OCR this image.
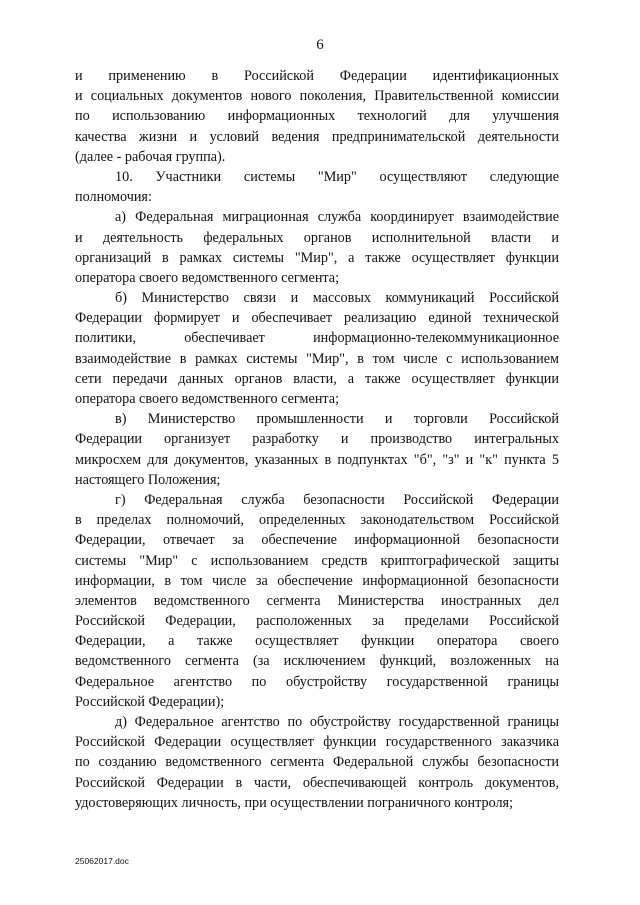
6
и применению в Российской Федерации идентификационных
и социальных документов нового поколения, Правительственной комиссии
по использованию информационных технологий для улучшения
качества жизни и условий ведения предпринимательской деятельности
(далее - рабочая группа).
10. Участники системы "Мир" осуществляют следующие
полномочия:
а) Федеральная миграционная служба координирует взаимодействие
и деятельность федеральных органов исполнительной власти и
организаций в рамках системы "Мир", а также осуществляет функции
оператора своего ведомственного сегмента;
б) Министерство связи и массовых коммуникаций Российской
Федерации формирует и обеспечивает реализацию единой технической
политики, обеспечивает информационно-телекоммуникационное
взаимодействие в рамках системы "Мир", в том числе с использованием
сети передачи данных органов власти, а также осуществляет функции
оператора своего ведомственного сегмента;
в) Министерство промышленности и торговли Российской
Федерации организует разработку и производство интегральных
микросхем для документов, указанных в подпунктах "б", "з" и "к" пункта 5
настоящего Положения;
г) Федеральная служба безопасности Российской Федерации
в пределах полномочий, определенных законодательством Российской
Федерации, отвечает за обеспечение информационной безопасности
системы "Мир" с использованием средств криптографической защиты
информации, в том числе за обеспечение информационной безопасности
элементов ведомственного сегмента Министерства иностранных дел
Российской Федерации, расположенных за пределами Российской
Федерации, а также осуществляет функции оператора своего
ведомственного сегмента (за исключением функций, возложенных на
Федеральное агентство по обустройству государственной границы
Российской Федерации);
д) Федеральное агентство по обустройству государственной границы
Российской Федерации осуществляет функции государственного заказчика
по созданию ведомственного сегмента Федеральной службы безопасности
Российской Федерации в части, обеспечивающей контроль документов,
удостоверяющих личность, при осуществлении пограничного контроля;
25062017.doc
